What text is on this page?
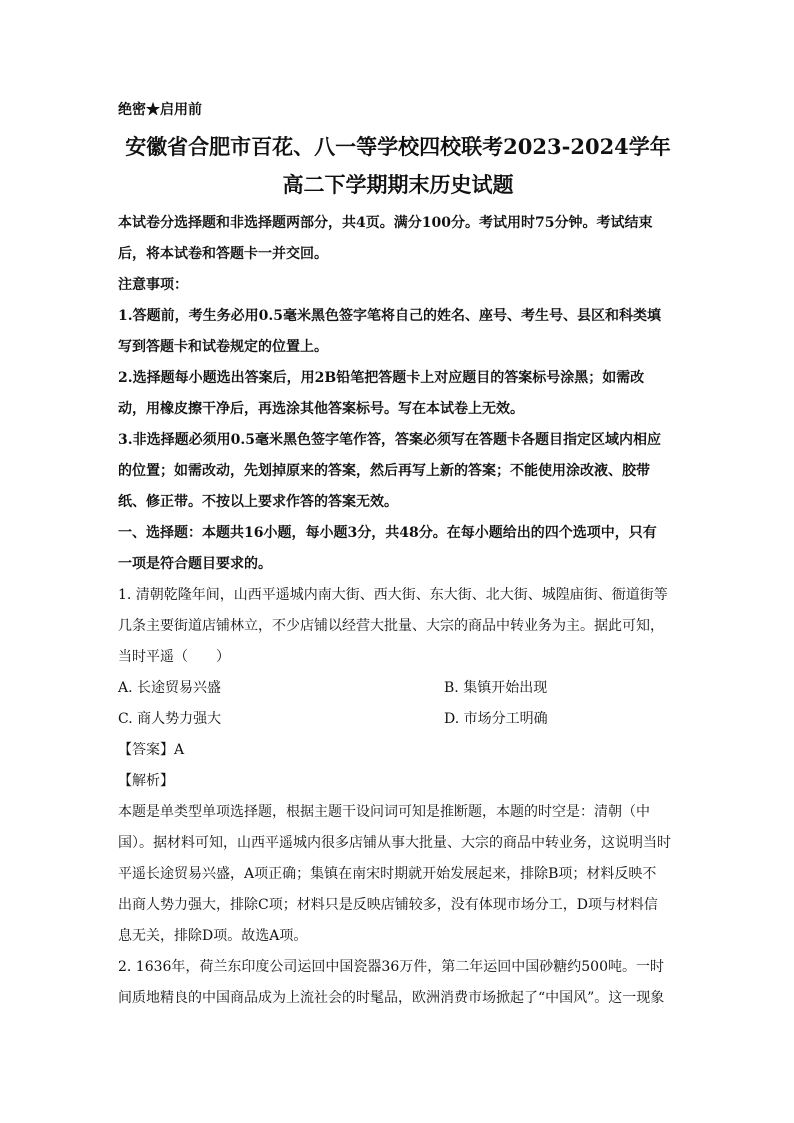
绝密★启用前
安徽省合肥市百花、八一等学校四校联考2023-2024学年
高二下学期期末历史试题

本试卷分选择题和非选择题两部分，共4页。满分100分。考试用时75分钟。考试结束

后，将本试卷和答题卡一并交回。

注意事项：

1.答题前，考生务必用0.5毫米黑色签字笔将自己的姓名、座号、考生号、县区和科类填

写到答题卡和试卷规定的位置上。

2.选择题每小题选出答案后，用2B铅笔把答题卡上对应题目的答案标号涂黑；如需改

动，用橡皮擦干净后，再选涂其他答案标号。写在本试卷上无效。

3.非选择题必须用0.5毫米黑色签字笔作答，答案必须写在答题卡各题目指定区域内相应

的位置；如需改动，先划掉原来的答案，然后再写上新的答案；不能使用涂改液、胶带

纸、修正带。不按以上要求作答的答案无效。

一、选择题：本题共16小题，每小题3分，共48分。在每小题给出的四个选项中，只有

一项是符合题目要求的。

1. 清朝乾隆年间，山西平遥城内南大街、西大街、东大街、北大街、城隍庙街、衙道街等

几条主要街道店铺林立，不少店铺以经营大批量、大宗的商品中转业务为主。据此可知，

当时平遥（　　）

A. 长途贸易兴盛	B. 集镇开始出现
C. 商人势力强大	D. 市场分工明确

【答案】A

【解析】

本题是单类型单项选择题，根据主题干设问词可知是推断题，本题的时空是：清朝（中

国）。据材料可知，山西平遥城内很多店铺从事大批量、大宗的商品中转业务，这说明当时

平遥长途贸易兴盛，A项正确；集镇在南宋时期就开始发展起来，排除B项；材料反映不

出商人势力强大，排除C项；材料只是反映店铺较多，没有体现市场分工，D项与材料信

息无关，排除D项。故选A项。

2. 1636年，荷兰东印度公司运回中国瓷器36万件，第二年运回中国砂糖约500吨。一时

间质地精良的中国商品成为上流社会的时髦品，欧洲消费市场掀起了“中国风”。这一现象
